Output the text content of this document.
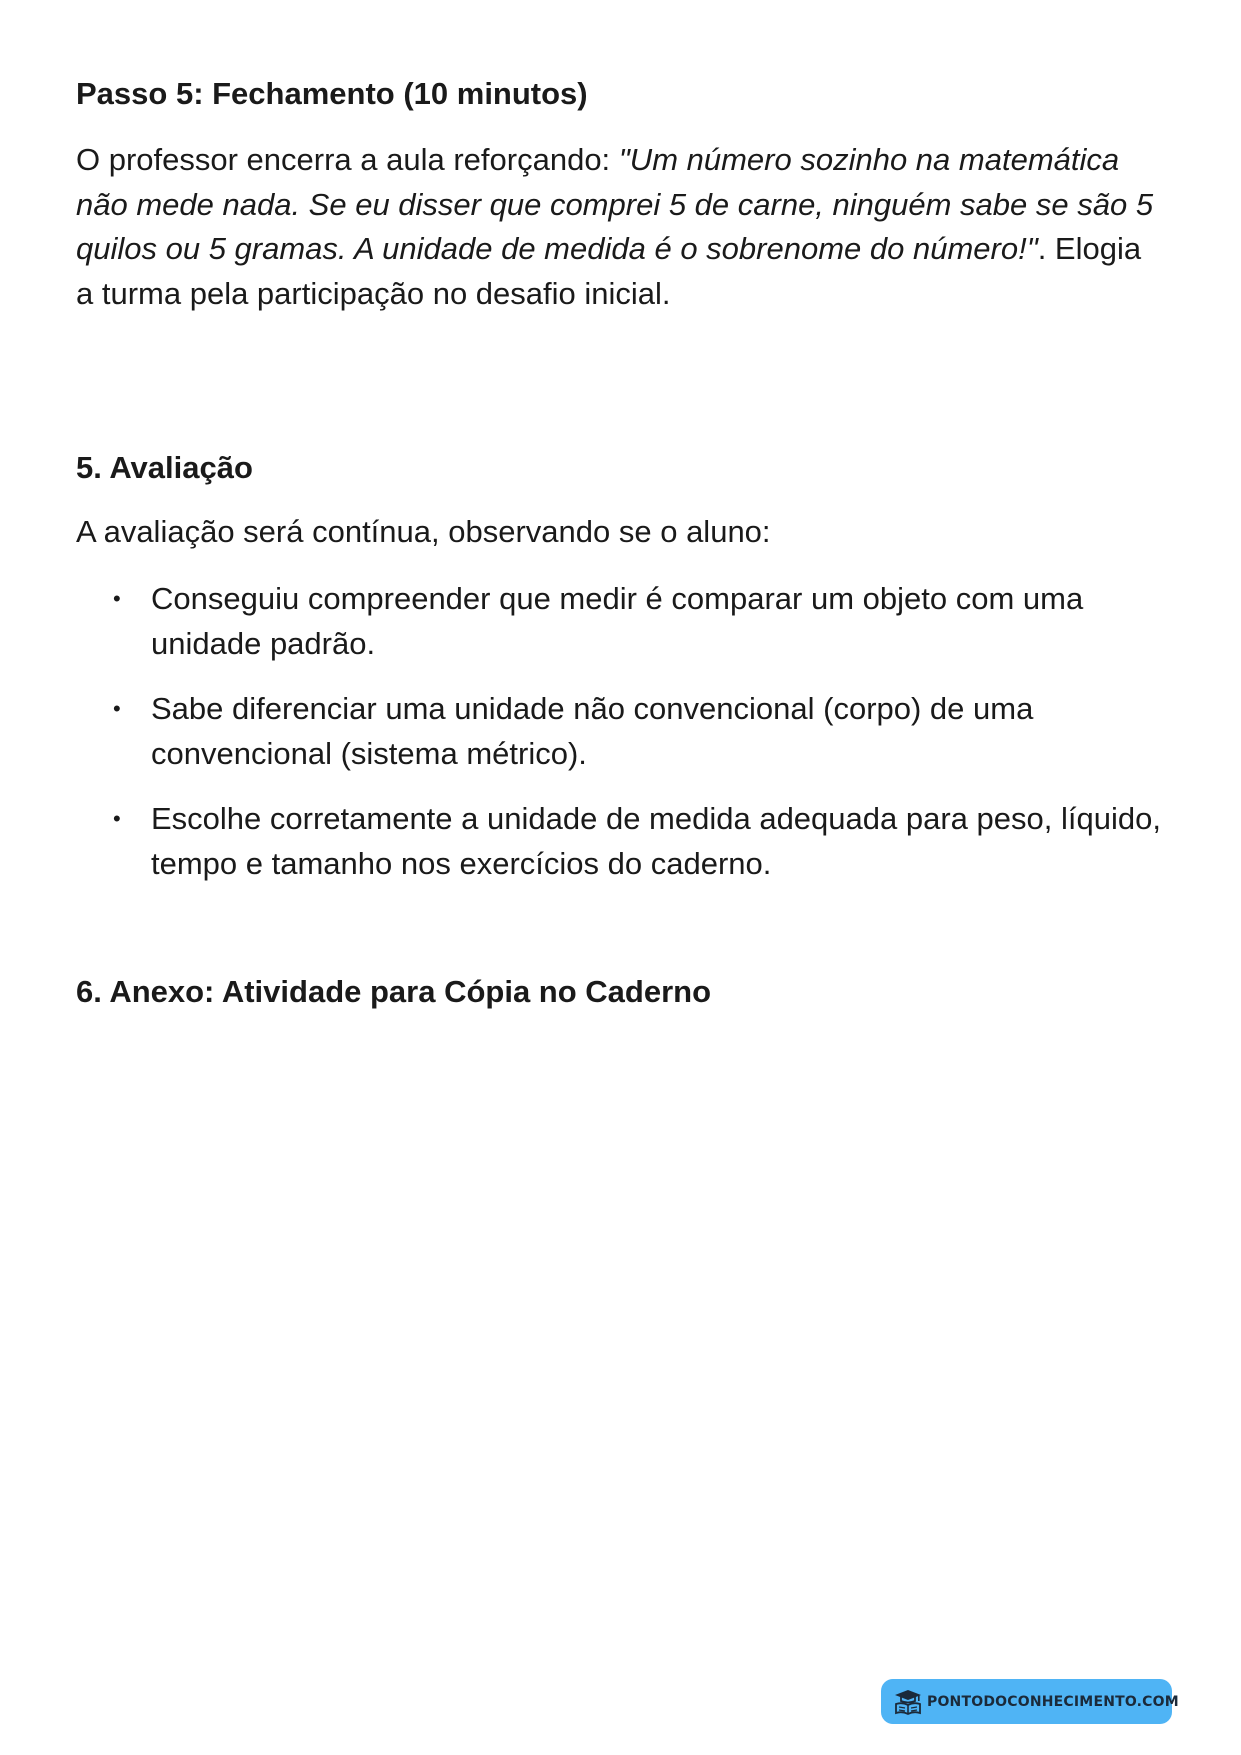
Passo 5: Fechamento (10 minutos)

O professor encerra a aula reforçando: "Um número sozinho na matemática não mede nada. Se eu disser que comprei 5 de carne, ninguém sabe se são 5 quilos ou 5 gramas. A unidade de medida é o sobrenome do número!". Elogia a turma pela participação no desafio inicial.

5. Avaliação

A avaliação será contínua, observando se o aluno:

• Conseguiu compreender que medir é comparar um objeto com uma unidade padrão.
• Sabe diferenciar uma unidade não convencional (corpo) de uma convencional (sistema métrico).
• Escolhe corretamente a unidade de medida adequada para peso, líquido, tempo e tamanho nos exercícios do caderno.
6. Anexo: Atividade para Cópia no Caderno
PONTODOCONHECIMENTO.COM
